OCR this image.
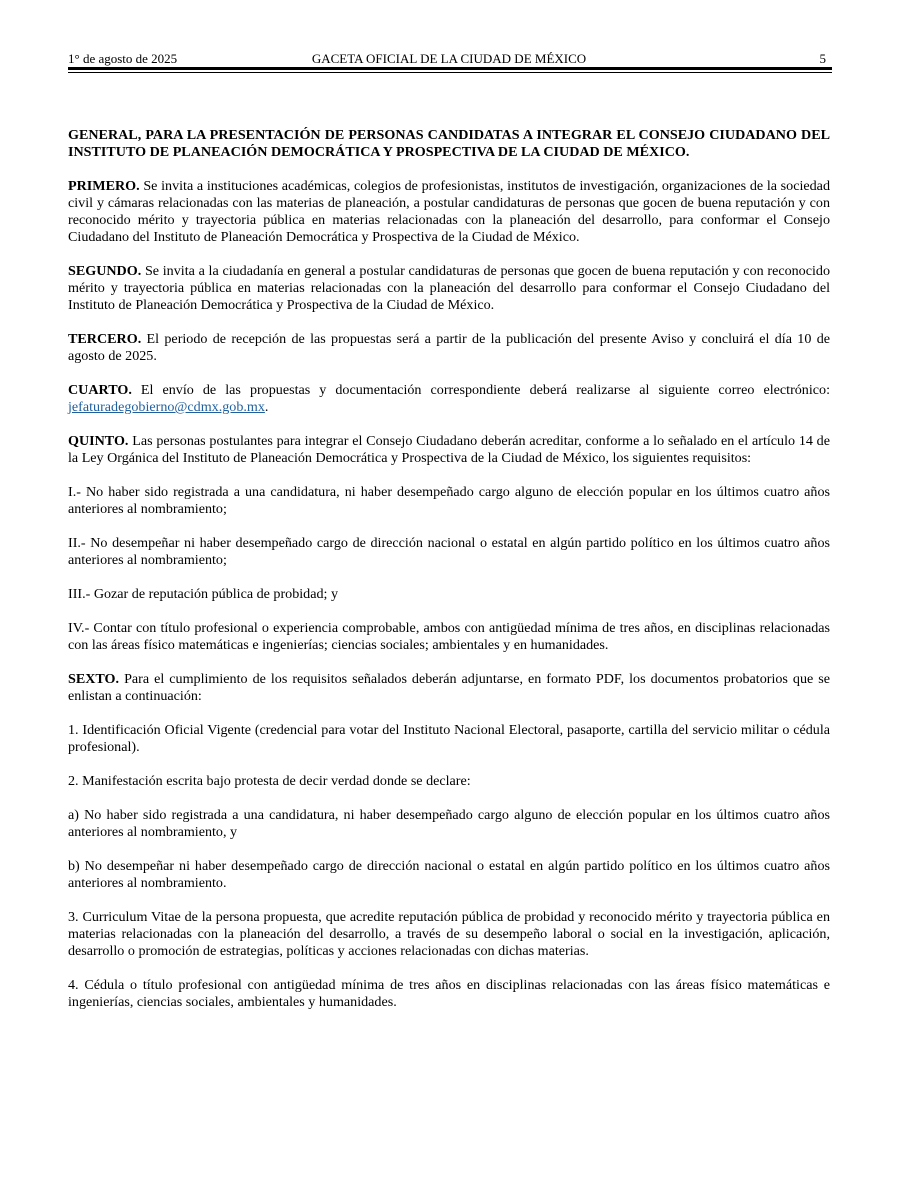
1° de agosto de 2025	GACETA OFICIAL DE LA CIUDAD DE MÉXICO	5

GENERAL, PARA LA PRESENTACIÓN DE PERSONAS CANDIDATAS A INTEGRAR EL CONSEJO CIUDADANO DEL INSTITUTO DE PLANEACIÓN DEMOCRÁTICA Y PROSPECTIVA DE LA CIUDAD DE MÉXICO.

PRIMERO. Se invita a instituciones académicas, colegios de profesionistas, institutos de investigación, organizaciones de la sociedad civil y cámaras relacionadas con las materias de planeación, a postular candidaturas de personas que gocen de buena reputación y con reconocido mérito y trayectoria pública en materias relacionadas con la planeación del desarrollo, para conformar el Consejo Ciudadano del Instituto de Planeación Democrática y Prospectiva de la Ciudad de México.

SEGUNDO. Se invita a la ciudadanía en general a postular candidaturas de personas que gocen de buena reputación y con reconocido mérito y trayectoria pública en materias relacionadas con la planeación del desarrollo para conformar el Consejo Ciudadano del Instituto de Planeación Democrática y Prospectiva de la Ciudad de México.

TERCERO. El periodo de recepción de las propuestas será a partir de la publicación del presente Aviso y concluirá el día 10 de agosto de 2025.

CUARTO. El envío de las propuestas y documentación correspondiente deberá realizarse al siguiente correo electrónico: jefaturadegobierno@cdmx.gob.mx.

QUINTO. Las personas postulantes para integrar el Consejo Ciudadano deberán acreditar, conforme a lo señalado en el artículo 14 de la Ley Orgánica del Instituto de Planeación Democrática y Prospectiva de la Ciudad de México, los siguientes requisitos:

I.- No haber sido registrada a una candidatura, ni haber desempeñado cargo alguno de elección popular en los últimos cuatro años anteriores al nombramiento;

II.- No desempeñar ni haber desempeñado cargo de dirección nacional o estatal en algún partido político en los últimos cuatro años anteriores al nombramiento;

III.- Gozar de reputación pública de probidad; y

IV.- Contar con título profesional o experiencia comprobable, ambos con antigüedad mínima de tres años, en disciplinas relacionadas con las áreas físico matemáticas e ingenierías; ciencias sociales; ambientales y en humanidades.

SEXTO. Para el cumplimiento de los requisitos señalados deberán adjuntarse, en formato PDF, los documentos probatorios que se enlistan a continuación:

1. Identificación Oficial Vigente (credencial para votar del Instituto Nacional Electoral, pasaporte, cartilla del servicio militar o cédula profesional).

2. Manifestación escrita bajo protesta de decir verdad donde se declare:

a) No haber sido registrada a una candidatura, ni haber desempeñado cargo alguno de elección popular en los últimos cuatro años anteriores al nombramiento, y

b) No desempeñar ni haber desempeñado cargo de dirección nacional o estatal en algún partido político en los últimos cuatro años anteriores al nombramiento.

3. Curriculum Vitae de la persona propuesta, que acredite reputación pública de probidad y reconocido mérito y trayectoria pública en materias relacionadas con la planeación del desarrollo, a través de su desempeño laboral o social en la investigación, aplicación, desarrollo o promoción de estrategias, políticas y acciones relacionadas con dichas materias.

4. Cédula o título profesional con antigüedad mínima de tres años en disciplinas relacionadas con las áreas físico matemáticas e ingenierías, ciencias sociales, ambientales y humanidades.
